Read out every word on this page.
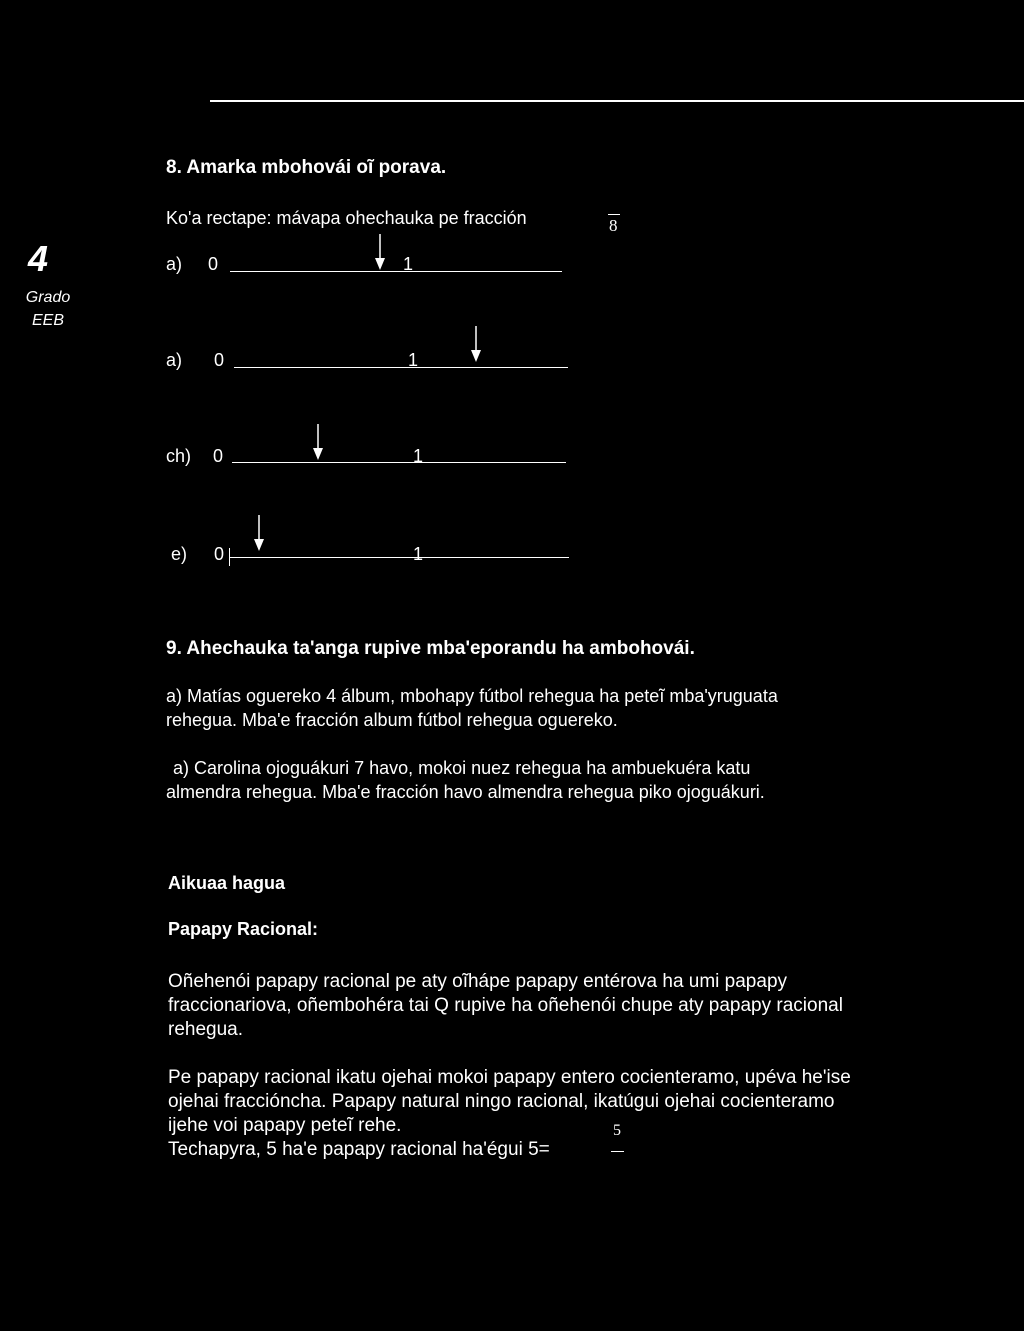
4
Grado
EEB
8. Amarka mbohovái oĩ porava.
Ko'a rectape: mávapa ohechauka pe fracción	8
a) 0	1
a) 0	1
ch) 0	1
e) 0	1
9. Ahechauka ta'anga rupive mba'eporandu ha ambohovái.
a) Matías oguereko 4 álbum, mbohapy fútbol rehegua ha peteĩ mba'yruguata
rehegua. Mba'e fracción album fútbol rehegua oguereko.
a) Carolina ojoguákuri 7 havo, mokoi nuez rehegua ha ambuekuéra katu
almendra rehegua. Mba'e fracción havo almendra rehegua piko ojoguákuri.
Aikuaa hagua
Papapy Racional:
Oñehenói papapy racional pe aty oĩhápe papapy entérova ha umi papapy
fraccionariova, oñembohéra tai Q rupive ha oñehenói chupe aty papapy racional
rehegua.
Pe papapy racional ikatu ojehai mokoi papapy entero cocienteramo, upéva he'ise
ojehai fraccióncha. Papapy natural ningo racional, ikatúgui ojehai cocienteramo
ijehe voi papapy peteĩ rehe.
Techapyra, 5 ha'e papapy racional ha'égui 5=
5
